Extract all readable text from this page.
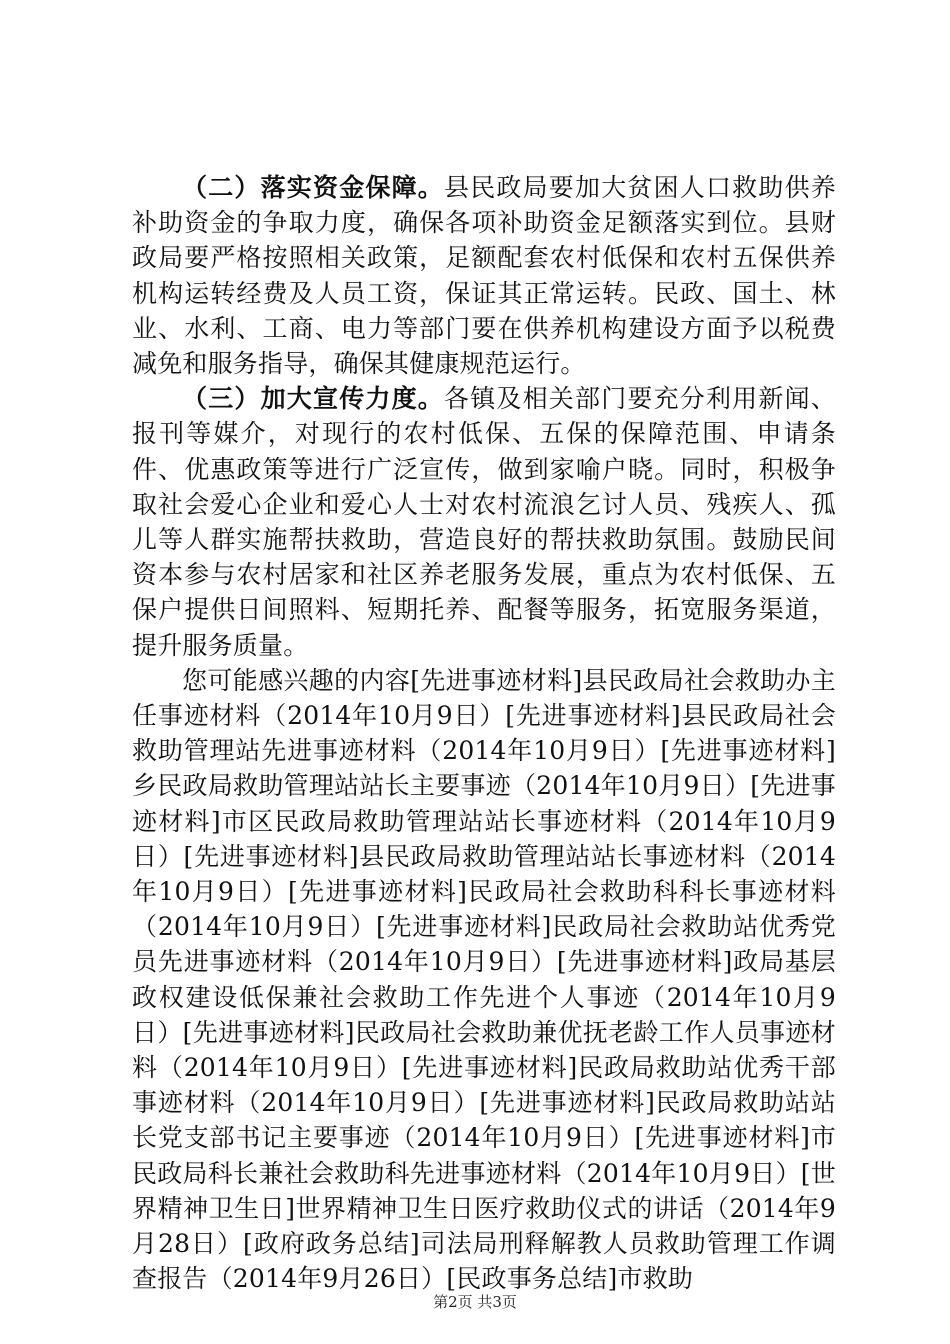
（二）落实资金保障。县民政局要加大贫困人口救助供养补助资金的争取力度，确保各项补助资金足额落实到位。县财政局要严格按照相关政策，足额配套农村低保和农村五保供养机构运转经费及人员工资，保证其正常运转。民政、国土、林业、水利、工商、电力等部门要在供养机构建设方面予以税费减免和服务指导，确保其健康规范运行。

（三）加大宣传力度。各镇及相关部门要充分利用新闻、报刊等媒介，对现行的农村低保、五保的保障范围、申请条件、优惠政策等进行广泛宣传，做到家喻户晓。同时，积极争取社会爱心企业和爱心人士对农村流浪乞讨人员、残疾人、孤儿等人群实施帮扶救助，营造良好的帮扶救助氛围。鼓励民间资本参与农村居家和社区养老服务发展，重点为农村低保、五保户提供日间照料、短期托养、配餐等服务，拓宽服务渠道，提升服务质量。

您可能感兴趣的内容[先进事迹材料]县民政局社会救助办主任事迹材料（2014年10月9日）[先进事迹材料]县民政局社会救助管理站先进事迹材料（2014年10月9日）[先进事迹材料]乡民政局救助管理站站长主要事迹（2014年10月9日）[先进事迹材料]市区民政局救助管理站站长事迹材料（2014年10月9日）[先进事迹材料]县民政局救助管理站站长事迹材料（2014年10月9日）[先进事迹材料]民政局社会救助科科长事迹材料（2014年10月9日）[先进事迹材料]民政局社会救助站优秀党员先进事迹材料（2014年10月9日）[先进事迹材料]政局基层政权建设低保兼社会救助工作先进个人事迹（2014年10月9日）[先进事迹材料]民政局社会救助兼优抚老龄工作人员事迹材料（2014年10月9日）[先进事迹材料]民政局救助站优秀干部事迹材料（2014年10月9日）[先进事迹材料]民政局救助站站长党支部书记主要事迹（2014年10月9日）[先进事迹材料]市民政局科长兼社会救助科先进事迹材料（2014年10月9日）[世界精神卫生日]世界精神卫生日医疗救助仪式的讲话（2014年9月28日）[政府政务总结]司法局刑释解教人员救助管理工作调查报告（2014年9月26日）[民政事务总结]市救助

第2页 共3页
